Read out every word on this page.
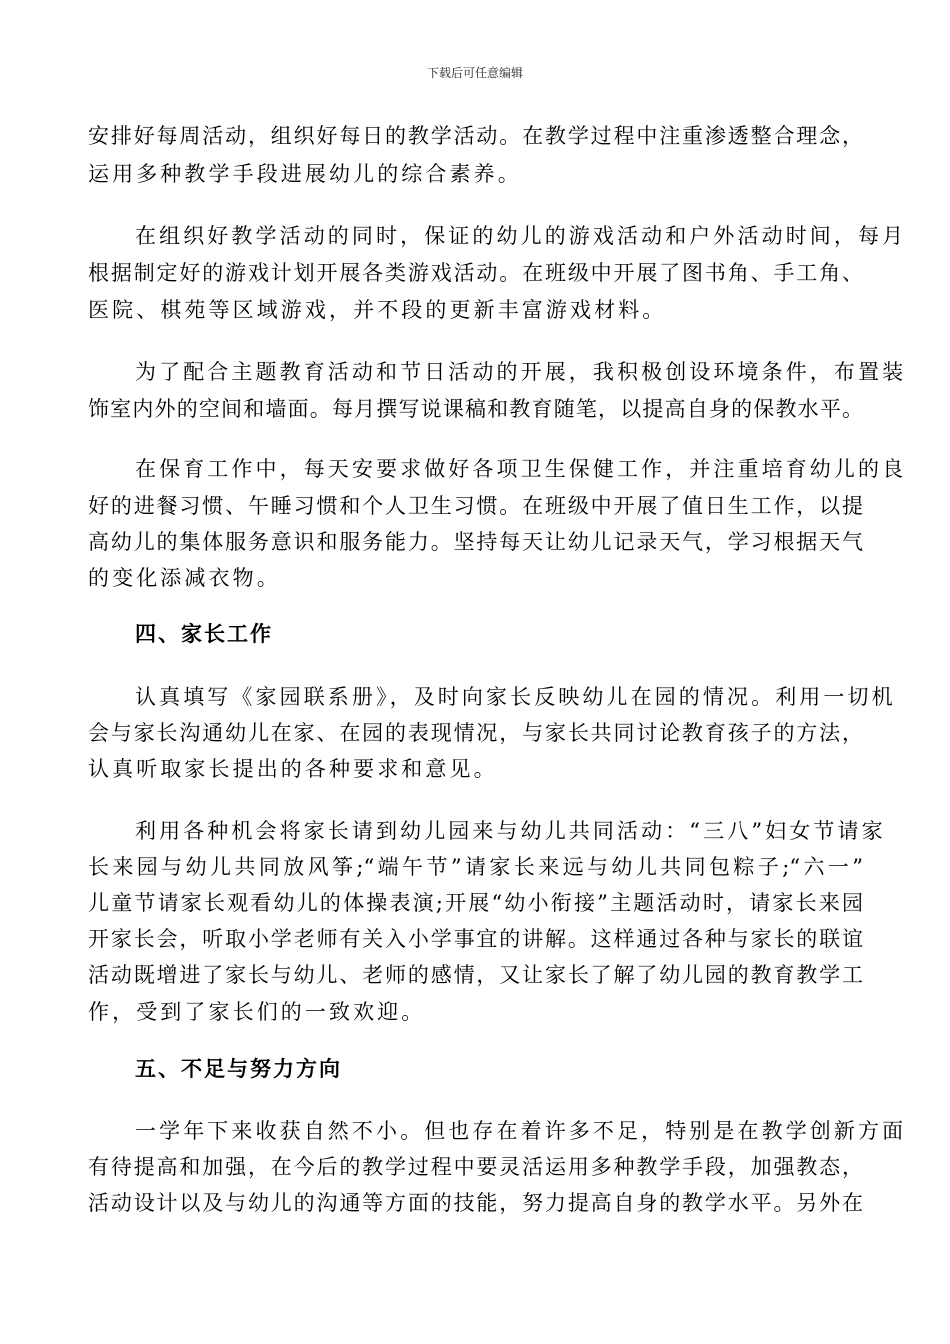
下载后可任意编辑
安排好每周活动，组织好每日的教学活动。在教学过程中注重渗透整合理念，
运用多种教学手段进展幼儿的综合素养。
在组织好教学活动的同时，保证的幼儿的游戏活动和户外活动时间，每月
根据制定好的游戏计划开展各类游戏活动。在班级中开展了图书角、手工角、
医院、棋苑等区域游戏，并不段的更新丰富游戏材料。
为了配合主题教育活动和节日活动的开展，我积极创设环境条件，布置装
饰室内外的空间和墙面。每月撰写说课稿和教育随笔，以提高自身的保教水平。
在保育工作中，每天安要求做好各项卫生保健工作，并注重培育幼儿的良
好的进餐习惯、午睡习惯和个人卫生习惯。在班级中开展了值日生工作，以提
高幼儿的集体服务意识和服务能力。坚持每天让幼儿记录天气，学习根据天气
的变化添减衣物。
四、家长工作
认真填写《家园联系册》，及时向家长反映幼儿在园的情况。利用一切机
会与家长沟通幼儿在家、在园的表现情况，与家长共同讨论教育孩子的方法，
认真听取家长提出的各种要求和意见。
利用各种机会将家长请到幼儿园来与幼儿共同活动：“三八”妇女节请家
长来园与幼儿共同放风筝;“端午节”请家长来远与幼儿共同包粽子;“六一”
儿童节请家长观看幼儿的体操表演;开展“幼小衔接”主题活动时，请家长来园
开家长会，听取小学老师有关入小学事宜的讲解。这样通过各种与家长的联谊
活动既增进了家长与幼儿、老师的感情，又让家长了解了幼儿园的教育教学工
作，受到了家长们的一致欢迎。
五、不足与努力方向
一学年下来收获自然不小。但也存在着许多不足，特别是在教学创新方面
有待提高和加强，在今后的教学过程中要灵活运用多种教学手段，加强教态，
活动设计以及与幼儿的沟通等方面的技能，努力提高自身的教学水平。另外在
